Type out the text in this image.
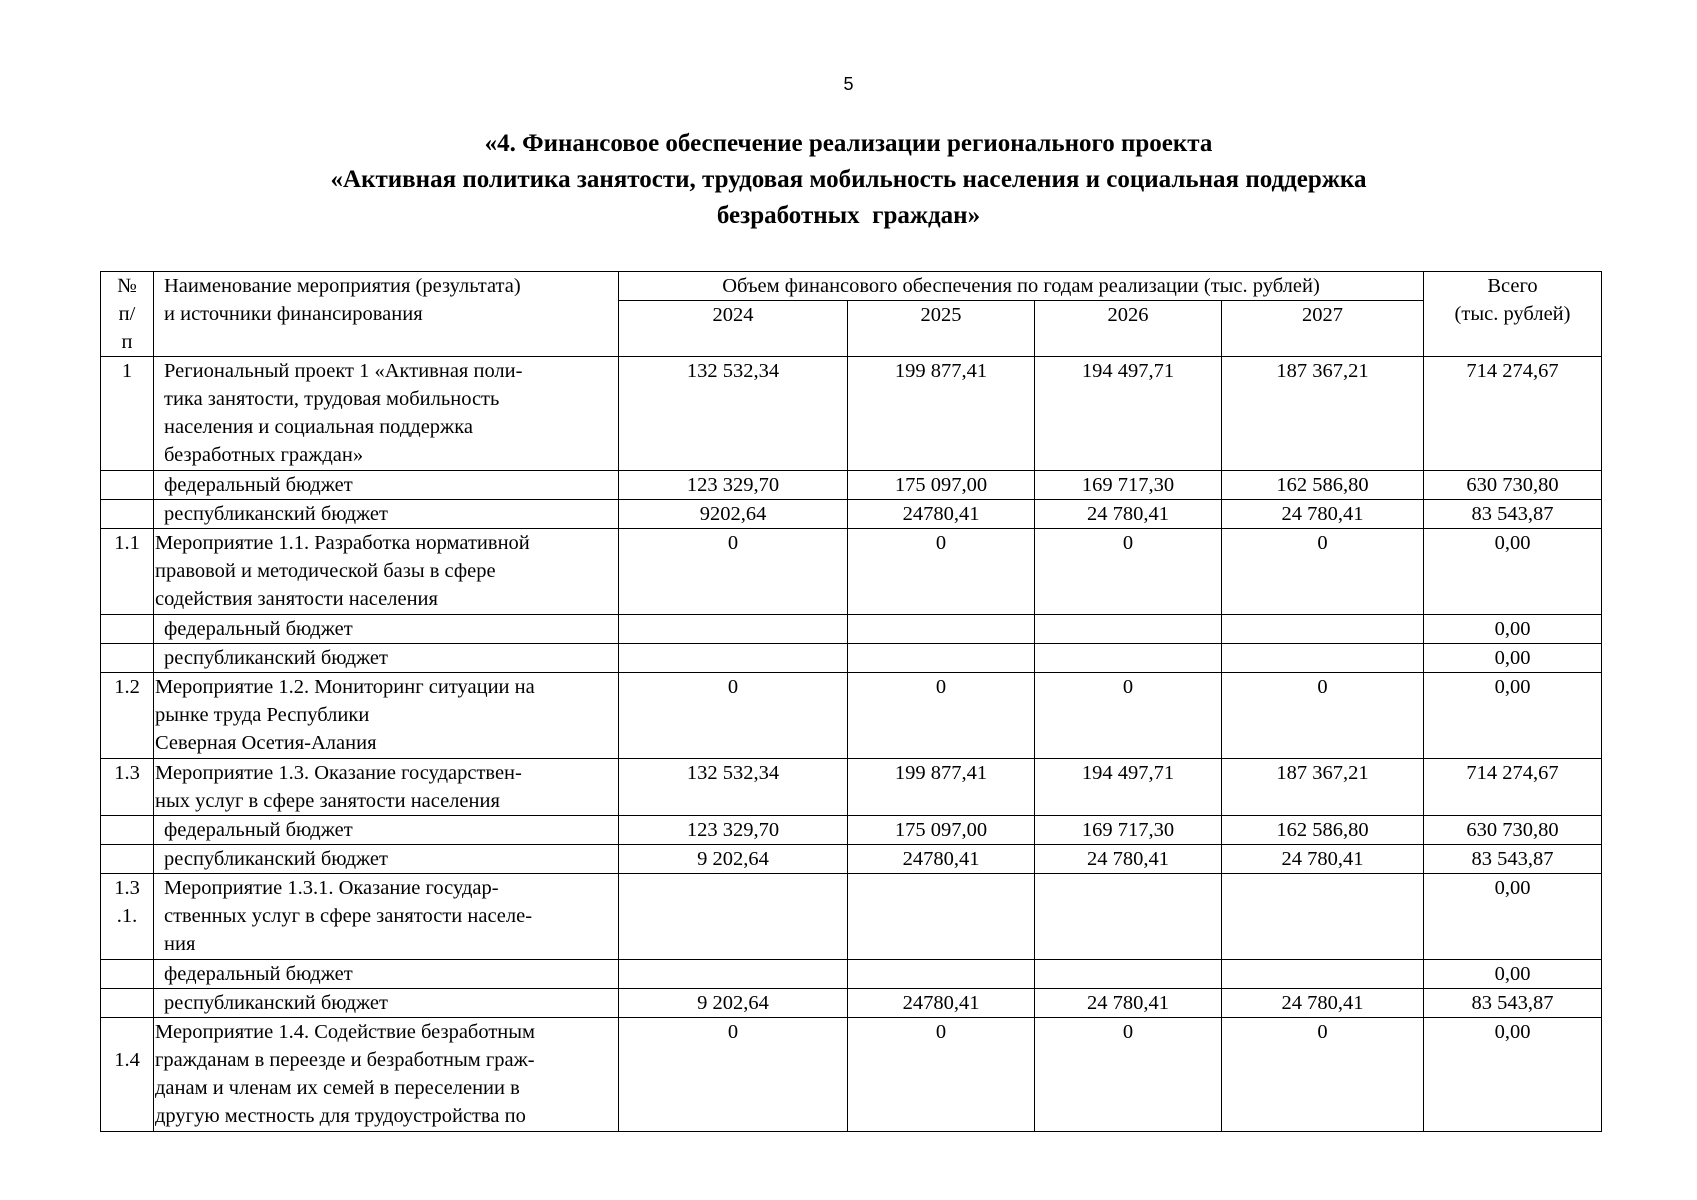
5
«4. Финансовое обеспечение реализации регионального проекта
«Активная политика занятости, трудовая мобильность населения и социальная поддержка
безработных  граждан»
№
п/
п	Наименование мероприятия (результата)
и источники финансирования	Объем финансового обеспечения по годам реализации (тыс. рублей)				Всего
(тыс. рублей)
		2024	2025	2026	2027	
1	Региональный проект 1 «Активная поли-
тика занятости, трудовая мобильность
населения и социальная поддержка
безработных граждан»	132 532,34	199 877,41	194 497,71	187 367,21	714 274,67
	федеральный бюджет	123 329,70	175 097,00	169 717,30	162 586,80	630 730,80
	республиканский бюджет	9202,64	24780,41	24 780,41	24 780,41	83 543,87
1.1	Мероприятие 1.1. Разработка нормативной
правовой и методической базы в сфере
содействия занятости населения	0	0	0	0	0,00
	федеральный бюджет					0,00
	республиканский бюджет					0,00
1.2	Мероприятие 1.2. Мониторинг ситуации на
рынке труда Республики
Северная Осетия-Алания	0	0	0	0	0,00
1.3	Мероприятие 1.3. Оказание государствен-
ных услуг в сфере занятости населения	132 532,34	199 877,41	194 497,71	187 367,21	714 274,67
	федеральный бюджет	123 329,70	175 097,00	169 717,30	162 586,80	630 730,80
	республиканский бюджет	9 202,64	24780,41	24 780,41	24 780,41	83 543,87
1.3
.1.	Мероприятие 1.3.1. Оказание государ-
ственных услуг в сфере занятости населе-
ния					0,00
	федеральный бюджет					0,00
	республиканский бюджет	9 202,64	24780,41	24 780,41	24 780,41	83 543,87

1.4	Мероприятие 1.4. Содействие безработным
гражданам в переезде и безработным граж-
данам и членам их семей в переселении в
другую местность для трудоустройства по	0	0	0	0	0,00
